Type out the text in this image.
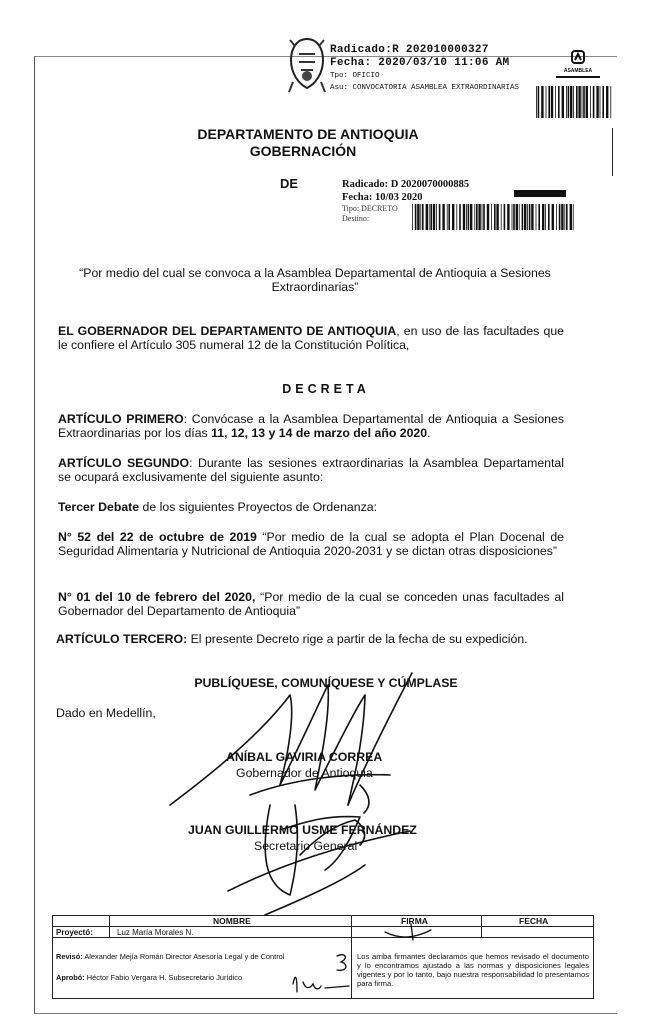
Radicado:R 202010000327
Fecha: 2020/03/10 11:06 AM
Tpo: OFICIO
Asu: CONVOCATORIA ASAMBLEA EXTRAORDINARIAS
ASAMBLEA
DEPARTAMENTO DE ANTIOQUIA
GOBERNACIÓN
DE	Radicado: D 2020070000885
Fecha: 10/03 2020
Tipo: DECRETO
Destino:
“Por medio del cual se convoca a la Asamblea Departamental de Antioquia a Sesiones Extraordinarias”
EL GOBERNADOR DEL DEPARTAMENTO DE ANTIOQUIA, en uso de las facultades que le confiere el Artículo 305 numeral 12 de la Constitución Política,
DECRETA
ARTÍCULO PRIMERO: Convócase a la Asamblea Departamental de Antioquia a Sesiones Extraordinarias por los días 11, 12, 13 y 14 de marzo del año 2020.
ARTÍCULO SEGUNDO: Durante las sesiones extraordinarias la Asamblea Departamental se ocupará exclusivamente del siguiente asunto:
Tercer Debate de los siguientes Proyectos de Ordenanza:
N° 52 del 22 de octubre de 2019 “Por medio de la cual se adopta el Plan Docenal de Seguridad Alimentaria y Nutricional de Antioquia 2020-2031 y se dictan otras disposiciones”
N° 01 del 10 de febrero del 2020, “Por medio de la cual se conceden unas facultades al Gobernador del Departamento de Antioquia”
ARTÍCULO TERCERO: El presente Decreto rige a partir de la fecha de su expedición.
PUBLÍQUESE, COMUNÍQUESE Y CÚMPLASE
Dado en Medellín,
ANÍBAL GAVIRIA CORREA
Gobernador de Antioquia
JUAN GUILLERMO USME FERNÁNDEZ
Secretario General
NOMBRE	FIRMA	FECHA
Proyectó:	Luz María Morales N.
Revisó: Alexander Mejía Román Director Asesoría Legal y de Control
Aprobó: Héctor Fabio Vergara H. Subsecretario Jurídico
Los arriba firmantes declaramos que hemos revisado el documento y lo encontramos ajustado a las normas y disposiciones legales vigentes y por lo tanto, bajo nuestra responsabilidad lo presentamos para firma.
